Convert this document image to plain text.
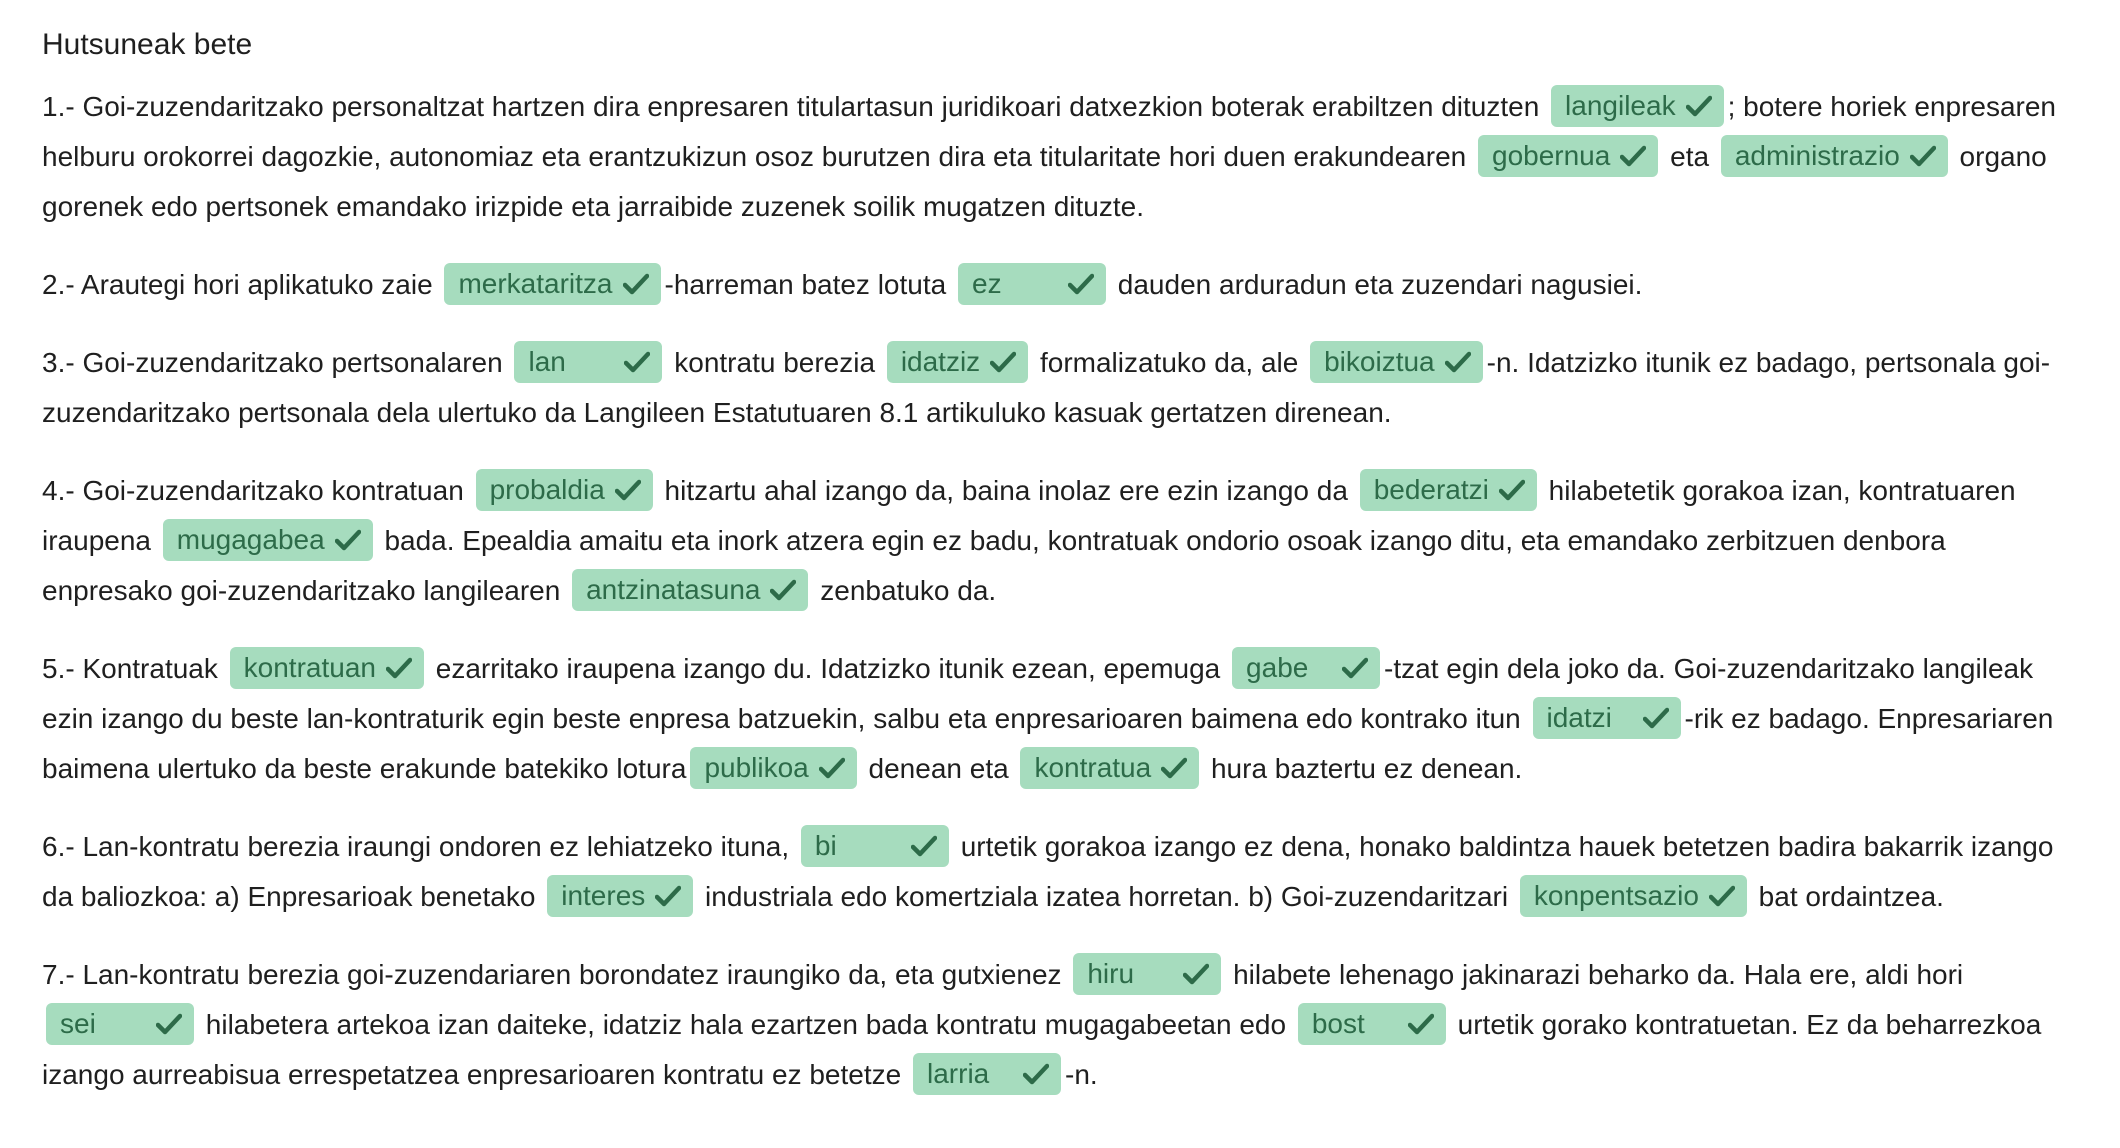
Hutsuneak bete

1.- Goi-zuzendaritzako personaltzat hartzen dira enpresaren titulartasun juridikoari datxezkion boterak erabiltzen dituzten langileak ; botere horiek enpresaren helburu orokorrei dagozkie, autonomiaz eta erantzukizun osoz burutzen dira eta titularitate hori duen erakundearen gobernua
eta administrazio
organo gorenek edo pertsonek emandako irizpide eta jarraibide zuzenek soilik mugatzen dituzte.

2.- Arautegi hori aplikatuko zaie merkataritza -harreman batez lotuta ez	dauden arduradun eta zuzendari nagusiei.

3.- Goi-zuzendaritzako pertsonalaren lan	kontratu berezia idatziz
formalizatuko da, ale bikoiztua -n. Idatzizko itunik ez badago, pertsonala goi-zuzendaritzako pertsonala dela ulertuko da Langileen Estatutuaren 8.1 artikuluko kasuak gertatzen direnean.

4.- Goi-zuzendaritzako kontratuan probaldia
hitzartu ahal izango da, baina inolaz ere ezin izango da bederatzi
hilabetetik gorakoa izan, kontratuaren iraupena mugagabea
bada. Epealdia amaitu eta inork atzera egin ez badu, kontratuak ondorio osoak izango ditu, eta emandako zerbitzuen denbora enpresako goi-zuzendaritzako langilearen antzinatasuna
zenbatuko da.

5.- Kontratuak kontratuan
ezarritako iraupena izango du. Idatzizko itunik ezean, epemuga gabe	-tzat egin dela joko da. Goi-zuzendaritzako langileak ezin izango du beste lan-kontraturik egin beste enpresa batzuekin, salbu eta enpresarioaren baimena edo kontrako itun idatzi	-rik ez badago. Enpresariaren baimena ulertuko da beste erakunde batekiko lotura publikoa
denean eta kontratua
hura baztertu ez denean.

6.- Lan-kontratu berezia iraungi ondoren ez lehiatzeko ituna, bi	urtetik gorakoa izango ez dena, honako baldintza hauek betetzen badira bakarrik izango da baliozkoa: a) Enpresarioak benetako interes
industriala edo komertziala izatea horretan. b) Goi-zuzendaritzari konpentsazio
bat ordaintzea.

7.- Lan-kontratu berezia goi-zuzendariaren borondatez iraungiko da, eta gutxienez hiru	hilabete lehenago jakinarazi beharko da. Hala ere, aldi hori sei	hilabetera artekoa izan daiteke, idatziz hala ezartzen bada kontratu mugagabeetan edo bost	urtetik gorako kontratuetan. Ez da beharrezkoa izango aurreabisua errespetatzea enpresarioaren kontratu ez betetze larria	-n.
